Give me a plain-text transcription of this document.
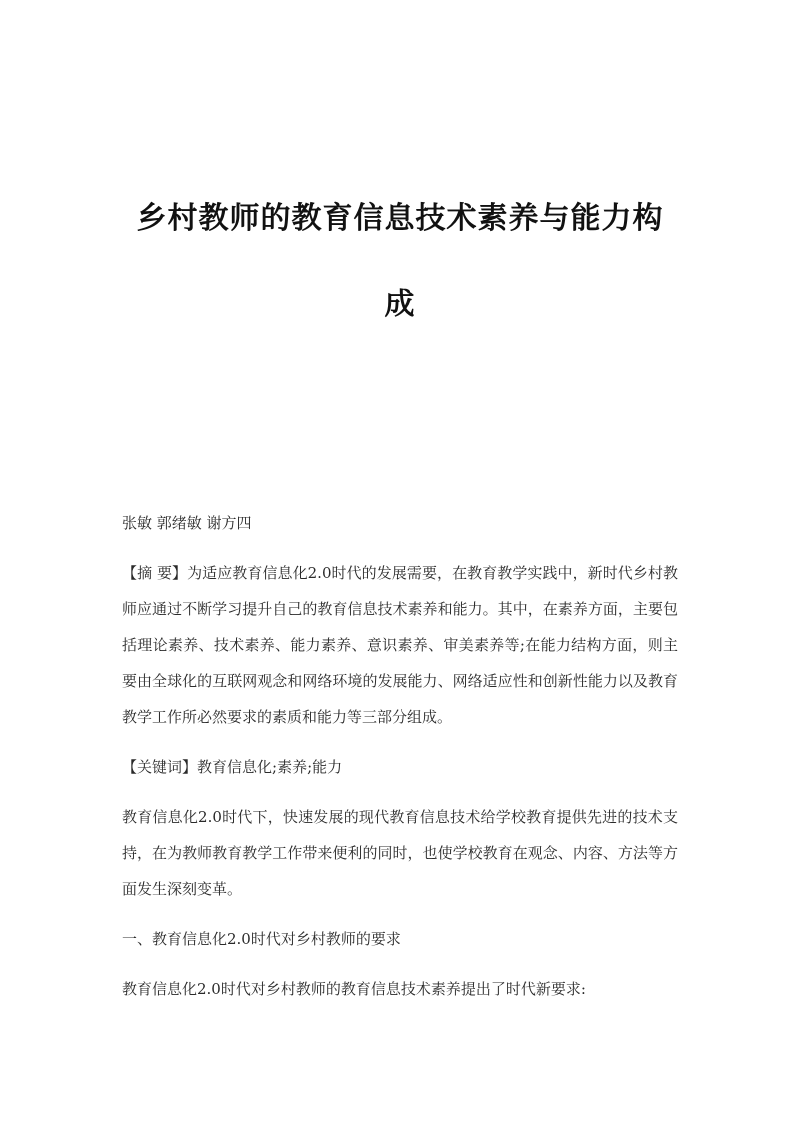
乡村教师的教育信息技术素养与能力构
成

张敏 郭绪敏 谢方四

【摘 要】为适应教育信息化2.0时代的发展需要，在教育教学实践中，新时代乡村教师应通过不断学习提升自己的教育信息技术素养和能力。其中，在素养方面，主要包括理论素养、技术素养、能力素养、意识素养、审美素养等;在能力结构方面，则主要由全球化的互联网观念和网络环境的发展能力、网络适应性和创新性能力以及教育教学工作所必然要求的素质和能力等三部分组成。

【关键词】教育信息化;素养;能力

教育信息化2.0时代下，快速发展的现代教育信息技术给学校教育提供先进的技术支持，在为教师教育教学工作带来便利的同时，也使学校教育在观念、内容、方法等方面发生深刻变革。

一、教育信息化2.0时代对乡村教师的要求

教育信息化2.0时代对乡村教师的教育信息技术素养提出了时代新要求:
